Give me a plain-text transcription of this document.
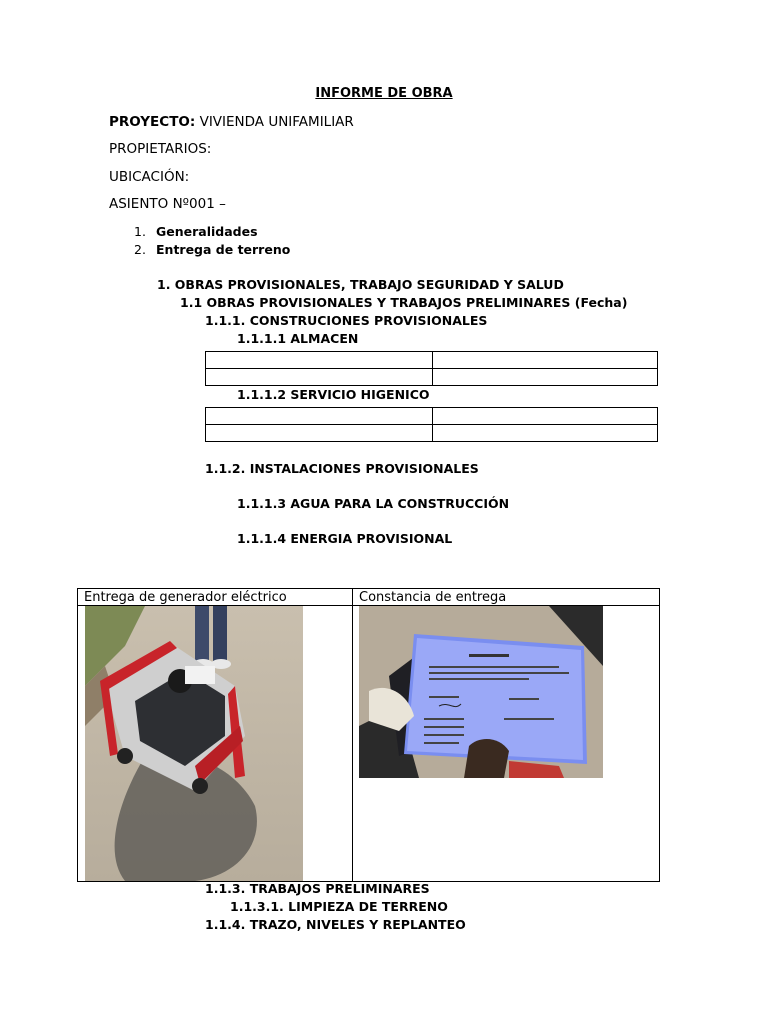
INFORME DE OBRA
PROYECTO: VIVIENDA UNIFAMILIAR
PROPIETARIOS:
UBICACIÓN:
ASIENTO Nº001 –
1. Generalidades
2. Entrega de terreno
1. OBRAS PROVISIONALES, TRABAJO SEGURIDAD Y SALUD
1.1 OBRAS PROVISIONALES Y TRABAJOS PRELIMINARES (Fecha)
1.1.1. CONSTRUCIONES PROVISIONALES
1.1.1.1 ALMACEN

1.1.1.2 SERVICIO HIGENICO

1.1.2. INSTALACIONES PROVISIONALES
1.1.1.3 AGUA PARA LA CONSTRUCCIÓN
1.1.1.4 ENERGIA PROVISIONAL
Entrega de generador eléctrico	Constancia de entrega
1.1.3. TRABAJOS PRELIMINARES
1.1.3.1. LIMPIEZA DE TERRENO
1.1.4. TRAZO, NIVELES Y REPLANTEO
